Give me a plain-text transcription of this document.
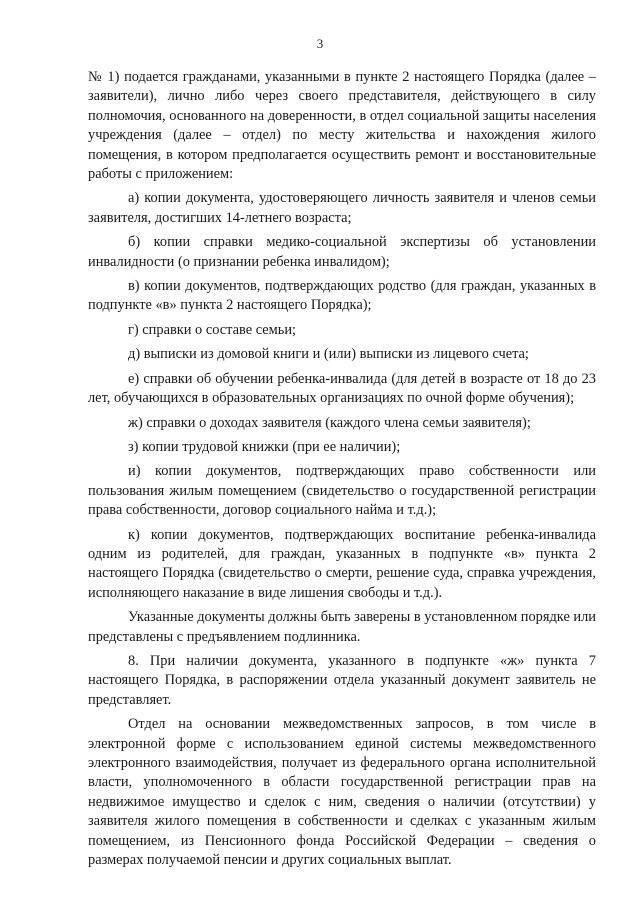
3

№ 1) подается гражданами, указанными в пункте 2 настоящего Порядка (далее – заявители), лично либо через своего представителя, действующего в силу полномочия, основанного на доверенности, в отдел социальной защиты населения учреждения (далее – отдел) по месту жительства и нахождения жилого помещения, в котором предполагается осуществить ремонт и восстановительные работы с приложением:

а) копии документа, удостоверяющего личность заявителя и членов семьи заявителя, достигших 14-летнего возраста;

б) копии справки медико-социальной экспертизы об установлении инвалидности (о признании ребенка инвалидом);

в) копии документов, подтверждающих родство (для граждан, указанных в подпункте «в» пункта 2 настоящего Порядка);

г) справки о составе семьи;

д) выписки из домовой книги и (или) выписки из лицевого счета;

е) справки об обучении ребенка-инвалида (для детей в возрасте от 18 до 23 лет, обучающихся в образовательных организациях по очной форме обучения);

ж) справки о доходах заявителя (каждого члена семьи заявителя);

з) копии трудовой книжки (при ее наличии);

и) копии документов, подтверждающих право собственности или пользования жилым помещением (свидетельство о государственной регистрации права собственности, договор социального найма и т.д.);

к) копии документов, подтверждающих воспитание ребенка-инвалида одним из родителей, для граждан, указанных в подпункте «в» пункта 2 настоящего Порядка (свидетельство о смерти, решение суда, справка учреждения, исполняющего наказание в виде лишения свободы и т.д.).

Указанные документы должны быть заверены в установленном порядке или представлены с предъявлением подлинника.

8. При наличии документа, указанного в подпункте «ж» пункта 7 настоящего Порядка, в распоряжении отдела указанный документ заявитель не представляет.

Отдел на основании межведомственных запросов, в том числе в электронной форме с использованием единой системы межведомственного электронного взаимодействия, получает из федерального органа исполнительной власти, уполномоченного в области государственной регистрации прав на недвижимое имущество и сделок с ним, сведения о наличии (отсутствии) у заявителя жилого помещения в собственности и сделках с указанным жилым помещением, из Пенсионного фонда Российской Федерации – сведения о размерах получаемой пенсии и других социальных выплат.
